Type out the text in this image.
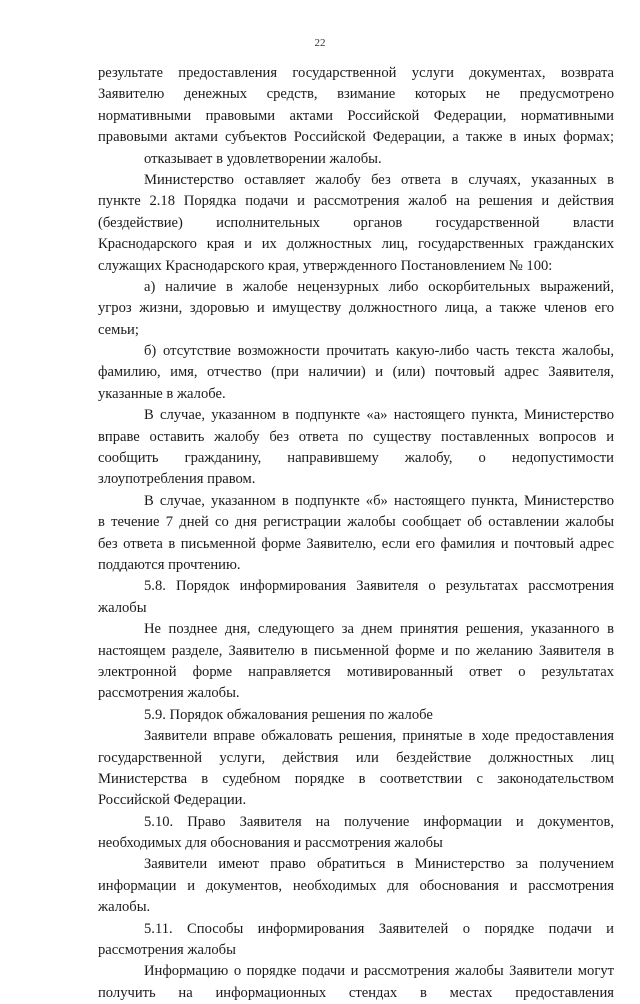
22
результате предоставления государственной услуги документах, возврата
Заявителю денежных средств, взимание которых не предусмотрено
нормативными правовыми актами Российской Федерации, нормативными
правовыми актами субъектов Российской Федерации, а также в иных формах;
отказывает в удовлетворении жалобы.
Министерство оставляет жалобу без ответа в случаях, указанных в
пункте 2.18 Порядка подачи и рассмотрения жалоб на решения и действия
(бездействие) исполнительных органов государственной власти
Краснодарского края и их должностных лиц, государственных гражданских
служащих Краснодарского края, утвержденного Постановлением № 100:
а) наличие в жалобе нецензурных либо оскорбительных выражений,
угроз жизни, здоровью и имуществу должностного лица, а также членов его
семьи;
б) отсутствие возможности прочитать какую-либо часть текста жалобы,
фамилию, имя, отчество (при наличии) и (или) почтовый адрес Заявителя,
указанные в жалобе.
В случае, указанном в подпункте «а» настоящего пункта, Министерство
вправе оставить жалобу без ответа по существу поставленных вопросов и
сообщить гражданину, направившему жалобу, о недопустимости
злоупотребления правом.
В случае, указанном в подпункте «б» настоящего пункта, Министерство
в течение 7 дней со дня регистрации жалобы сообщает об оставлении жалобы
без ответа в письменной форме Заявителю, если его фамилия и почтовый адрес
поддаются прочтению.
5.8. Порядок информирования Заявителя о результатах рассмотрения
жалобы
Не позднее дня, следующего за днем принятия решения, указанного в
настоящем разделе, Заявителю в письменной форме и по желанию Заявителя в
электронной форме направляется мотивированный ответ о результатах
рассмотрения жалобы.
5.9. Порядок обжалования решения по жалобе
Заявители вправе обжаловать решения, принятые в ходе предоставления
государственной услуги, действия или бездействие должностных лиц
Министерства в судебном порядке в соответствии с законодательством
Российской Федерации.
5.10. Право Заявителя на получение информации и документов,
необходимых для обоснования и рассмотрения жалобы
Заявители имеют право обратиться в Министерство за получением
информации и документов, необходимых для обоснования и рассмотрения
жалобы.
5.11. Способы информирования Заявителей о порядке подачи и
рассмотрения жалобы
Информацию о порядке подачи и рассмотрения жалобы Заявители могут
получить на информационных стендах в местах предоставления
